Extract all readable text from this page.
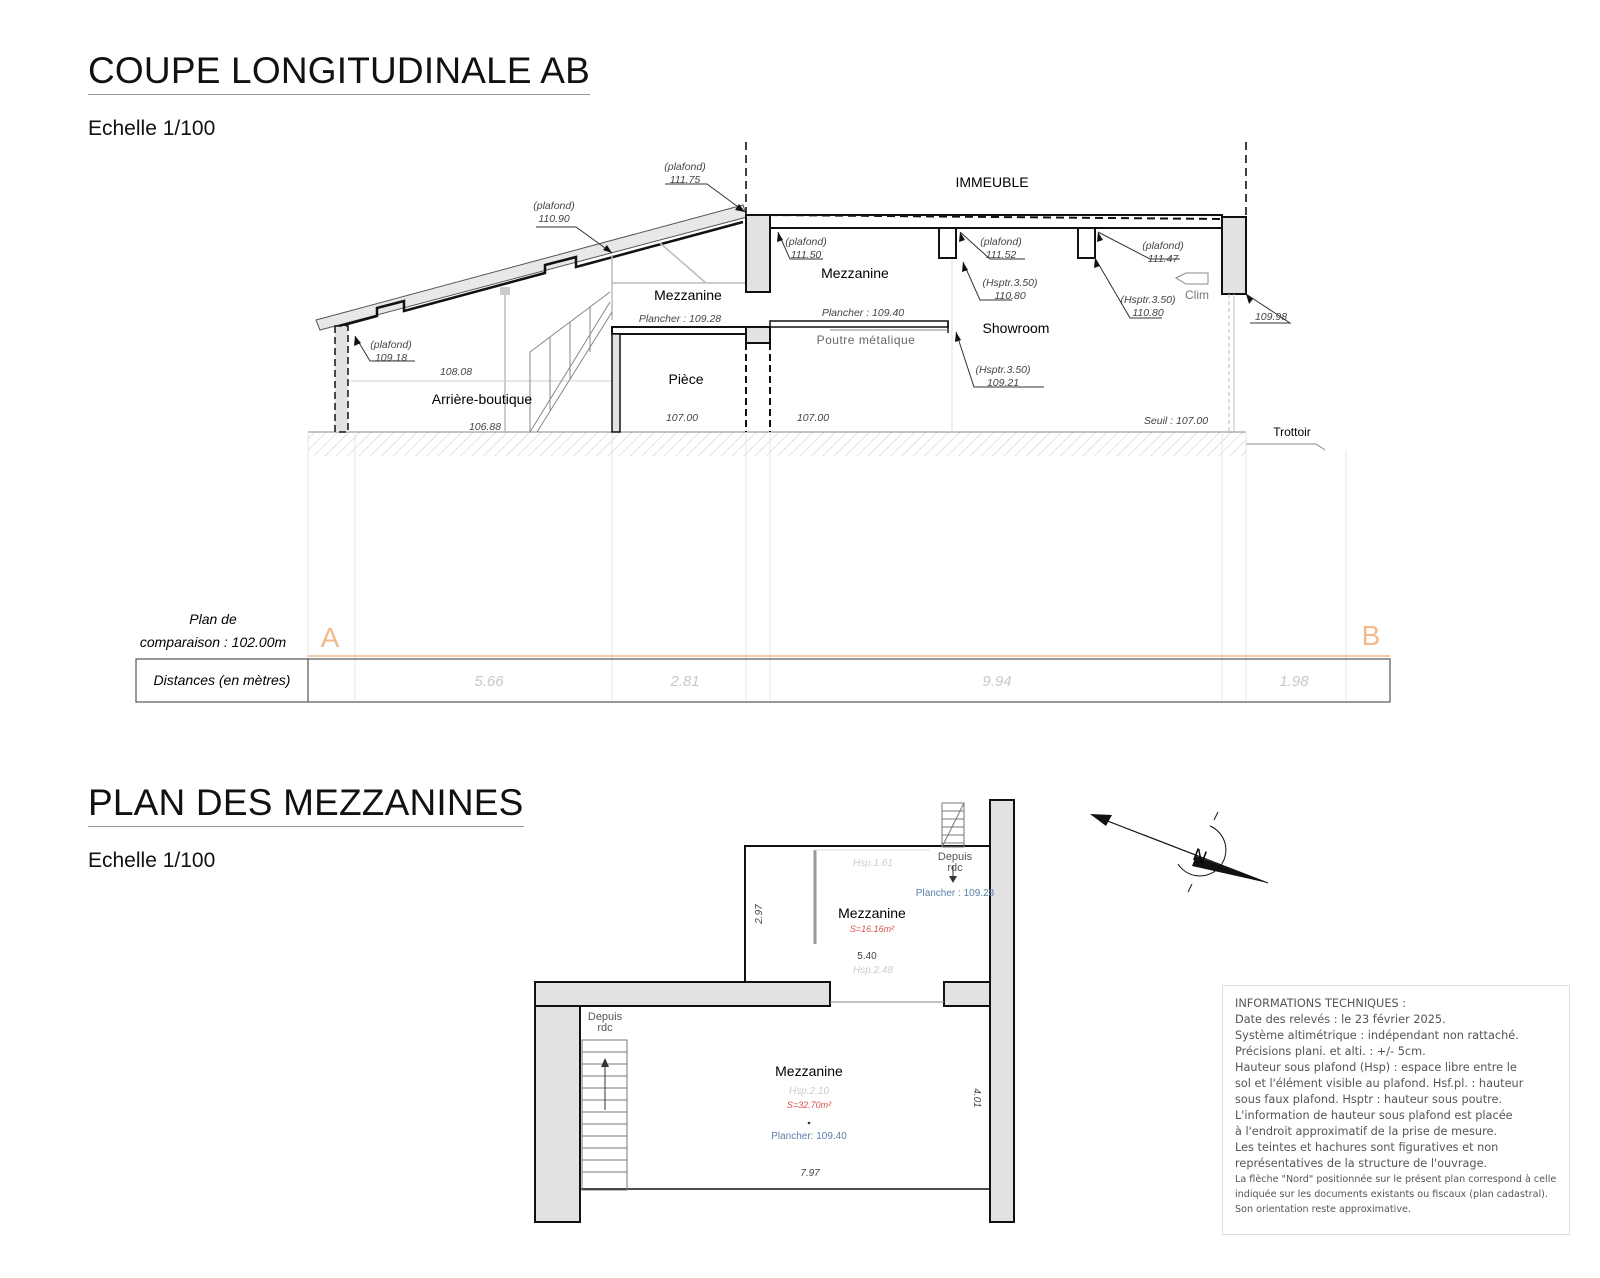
COUPE LONGITUDINALE AB
Echelle 1/100
PLAN DES MEZZANINES
Echelle 1/100
IMMEUBLE
Mezzanine
Mezzanine
Arrière-boutique
Pièce
Showroom
Trottoir
Clim
Poutre métalique
(plafond)
111.75
(plafond)
110.90
(plafond)
109.18
(plafond)
111.50
(plafond)
111.52
(plafond)
111.47
(Hsptr.3.50)
110.80	(Hsptr.3.50)
110.80
(Hsptr.3.50)
109.21
108.08
106.88
107.00	107.00	Seuil : 107.00
109.98
Plancher : 109.28	Plancher : 109.40
Plan de
comparaison : 102.00m A	B
Distances (en mètres)	5.66	2.81	9.94	1.98
Mezzanine
S=16.16m²
Hsp.1.61
Hsp.2.48
Depuis
rdc
Plancher : 109.28
5.40
2.97
Mezzanine
Hsp.2.10
S=32.70m²
Plancher: 109.40
Depuis
rdc
7.97
4.01
N
INFORMATIONS TECHNIQUES :
Date des relevés : le 23 février 2025.
Système altimétrique : indépendant non rattaché.
Précisions plani. et alti. : +/- 5cm.
Hauteur sous plafond (Hsp) : espace libre entre le
sol et l'élément visible au plafond. Hsf.pl. : hauteur
sous faux plafond. Hsptr : hauteur sous poutre.
L'information de hauteur sous plafond est placée
à l'endroit approximatif de la prise de mesure.
Les teintes et hachures sont figuratives et non
représentatives de la structure de l'ouvrage.
La flèche "Nord" positionnée sur le présent plan correspond à celle
indiquée sur les documents existants ou fiscaux (plan cadastral).
Son orientation reste approximative.
